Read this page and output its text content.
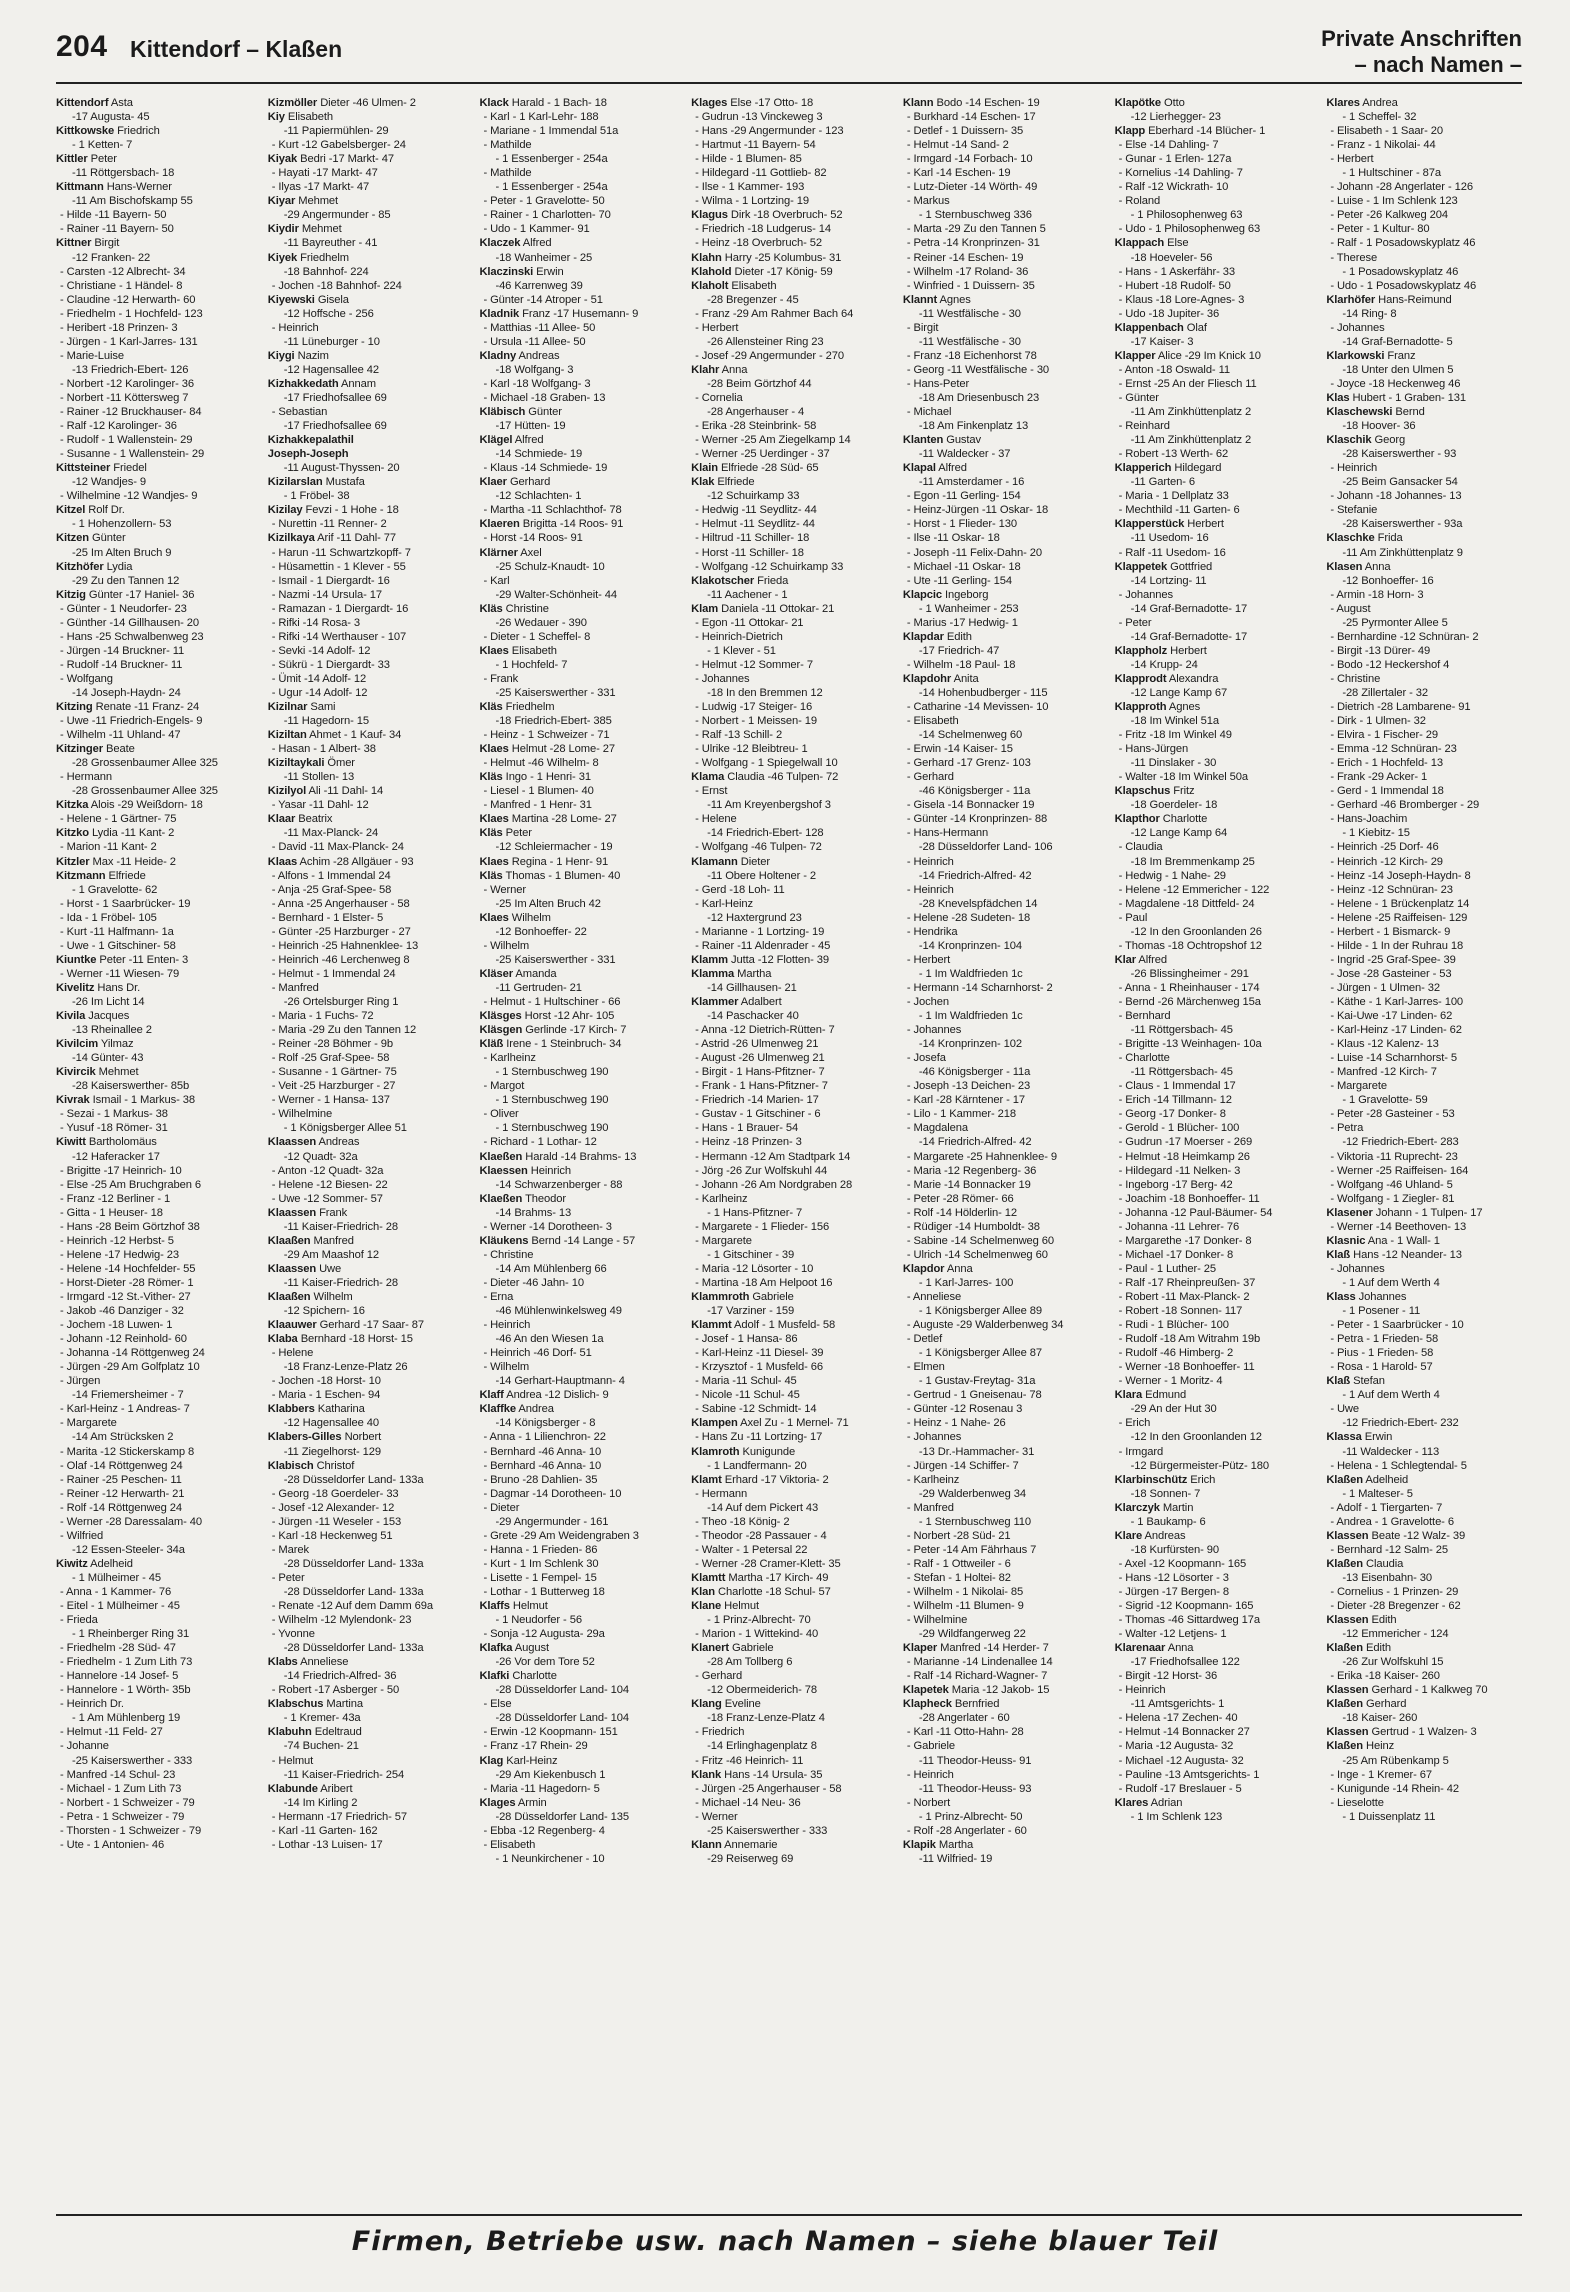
204 Kittendorf – Klaßen	Private Anschriften
– nach Namen –
Kittendorf Asta
-17 Augusta- 45
Kittkowske Friedrich
- 1 Ketten- 7
Kittler Peter
-11 Röttgersbach- 18
Kittmann Hans-Werner
-11 Am Bischofskamp 55
- Hilde -11 Bayern- 50
- Rainer -11 Bayern- 50
Kittner Birgit
-12 Franken- 22
- Carsten -12 Albrecht- 34
- Christiane - 1 Händel- 8
- Claudine -12 Herwarth- 60
- Friedhelm - 1 Hochfeld- 123
- Heribert -18 Prinzen- 3
- Jürgen - 1 Karl-Jarres- 131
- Marie-Luise
-13 Friedrich-Ebert- 126
- Norbert -12 Karolinger- 36
- Norbert -11 Köttersweg 7
- Rainer -12 Bruckhauser- 84
- Ralf -12 Karolinger- 36
- Rudolf - 1 Wallenstein- 29
- Susanne - 1 Wallenstein- 29
Kittsteiner Friedel
-12 Wandjes- 9
- Wilhelmine -12 Wandjes- 9
Kitzel Rolf Dr.
- 1 Hohenzollern- 53
Kitzen Günter
-25 Im Alten Bruch 9
Kitzhöfer Lydia
-29 Zu den Tannen 12
Kitzig Günter -17 Haniel- 36
- Günter - 1 Neudorfer- 23
- Günther -14 Gillhausen- 20
- Hans -25 Schwalbenweg 23
- Jürgen -14 Bruckner- 11
- Rudolf -14 Bruckner- 11
- Wolfgang
-14 Joseph-Haydn- 24
Kitzing Renate -11 Franz- 24
- Uwe -11 Friedrich-Engels- 9
- Wilhelm -11 Uhland- 47
Kitzinger Beate
-28 Grossenbaumer Allee 325
- Hermann
-28 Grossenbaumer Allee 325
Kitzka Alois -29 Weißdorn- 18
- Helene - 1 Gärtner- 75
Kitzko Lydia -11 Kant- 2
- Marion -11 Kant- 2
Kitzler Max -11 Heide- 2
Kitzmann Elfriede
- 1 Gravelotte- 62
- Horst - 1 Saarbrücker- 19
- Ida - 1 Fröbel- 105
- Kurt -11 Halfmann- 1a
- Uwe - 1 Gitschiner- 58
Kiuntke Peter -11 Enten- 3
- Werner -11 Wiesen- 79
Kivelitz Hans Dr.
-26 Im Licht 14
Kivila Jacques
-13 Rheinallee 2
Kivilcim Yilmaz
-14 Günter- 43
Kivircik Mehmet
-28 Kaiserswerther- 85b
Kivrak Ismail - 1 Markus- 38
- Sezai - 1 Markus- 38
- Yusuf -18 Römer- 31
Kiwitt Bartholomäus
-12 Haferacker 17
- Brigitte -17 Heinrich- 10
- Else -25 Am Bruchgraben 6
- Franz -12 Berliner - 1
- Gitta - 1 Heuser- 18
- Hans -28 Beim Görtzhof 38
- Heinrich -12 Herbst- 5
- Helene -17 Hedwig- 23
- Helene -14 Hochfelder- 55
- Horst-Dieter -28 Römer- 1
- Irmgard -12 St.-Vither- 27
- Jakob -46 Danziger - 32
- Jochem -18 Luwen- 1
- Johann -12 Reinhold- 60
- Johanna -14 Röttgenweg 24
- Jürgen -29 Am Golfplatz 10
- Jürgen
-14 Friemersheimer - 7
- Karl-Heinz - 1 Andreas- 7
- Margarete
-14 Am Strücksken 2
- Marita -12 Stickerskamp 8
- Olaf -14 Röttgenweg 24
- Rainer -25 Peschen- 11
- Reiner -12 Herwarth- 21
- Rolf -14 Röttgenweg 24
- Werner -28 Daressalam- 40
- Wilfried
-12 Essen-Steeler- 34a
Kiwitz Adelheid
- 1 Mülheimer - 45
- Anna - 1 Kammer- 76
- Eitel - 1 Mülheimer - 45
- Frieda
- 1 Rheinberger Ring 31
- Friedhelm -28 Süd- 47
- Friedhelm - 1 Zum Lith 73
- Hannelore -14 Josef- 5
- Hannelore - 1 Wörth- 35b
- Heinrich Dr.
- 1 Am Mühlenberg 19
- Helmut -11 Feld- 27
- Johanne
-25 Kaiserswerther - 333
- Manfred -14 Schul- 23
- Michael - 1 Zum Lith 73
- Norbert - 1 Schweizer - 79
- Petra - 1 Schweizer - 79
- Thorsten - 1 Schweizer - 79
- Ute - 1 Antonien- 46
Kizmöller Dieter -46 Ulmen- 2
Kiy Elisabeth
-11 Papiermühlen- 29
- Kurt -12 Gabelsberger- 24
Kiyak Bedri -17 Markt- 47
- Hayati -17 Markt- 47
- Ilyas -17 Markt- 47
Kiyar Mehmet
-29 Angermunder - 85
Kiydir Mehmet
-11 Bayreuther - 41
Kiyek Friedhelm
-18 Bahnhof- 224
- Jochen -18 Bahnhof- 224
Kiyewski Gisela
-12 Hoffsche - 256
- Heinrich
-11 Lüneburger - 10
Kiygi Nazim
-12 Hagensallee 42
Kizhakkedath Annam
-17 Friedhofsallee 69
- Sebastian
-17 Friedhofsallee 69
Kizhakkepalathil
Joseph-Joseph
-11 August-Thyssen- 20
Kizilarslan Mustafa
- 1 Fröbel- 38
Kizilay Fevzi - 1 Hohe - 18
- Nurettin -11 Renner- 2
Kizilkaya Arif -11 Dahl- 77
- Harun -11 Schwartzkopff- 7
- Hüsamettin - 1 Klever - 55
- Ismail - 1 Diergardt- 16
- Nazmi -14 Ursula- 17
- Ramazan - 1 Diergardt- 16
- Rifki -14 Rosa- 3
- Rifki -14 Werthauser - 107
- Sevki -14 Adolf- 12
- Sükrü - 1 Diergardt- 33
- Ümit -14 Adolf- 12
- Ugur -14 Adolf- 12
Kizilnar Sami
-11 Hagedorn- 15
Kiziltan Ahmet - 1 Kauf- 34
- Hasan - 1 Albert- 38
Kiziltaykali Ömer
-11 Stollen- 13
Kizilyol Ali -11 Dahl- 14
- Yasar -11 Dahl- 12
Klaar Beatrix
-11 Max-Planck- 24
- David -11 Max-Planck- 24
Klaas Achim -28 Allgäuer - 93
- Alfons - 1 Immendal 24
- Anja -25 Graf-Spee- 58
- Anna -25 Angerhauser - 58
- Bernhard - 1 Elster- 5
- Günter -25 Harzburger - 27
- Heinrich -25 Hahnenklee- 13
- Heinrich -46 Lerchenweg 8
- Helmut - 1 Immendal 24
- Manfred
-26 Ortelsburger Ring 1
- Maria - 1 Fuchs- 72
- Maria -29 Zu den Tannen 12
- Reiner -28 Böhmer - 9b
- Rolf -25 Graf-Spee- 58
- Susanne - 1 Gärtner- 75
- Veit -25 Harzburger - 27
- Werner - 1 Hansa- 137
- Wilhelmine
- 1 Königsberger Allee 51
Klaassen Andreas
-12 Quadt- 32a
- Anton -12 Quadt- 32a
- Helene -12 Biesen- 22
- Uwe -12 Sommer- 57
Klaassen Frank
-11 Kaiser-Friedrich- 28
Klaaßen Manfred
-29 Am Maashof 12
Klaassen Uwe
-11 Kaiser-Friedrich- 28
Klaaßen Wilhelm
-12 Spichern- 16
Klaauwer Gerhard -17 Saar- 87
Klaba Bernhard -18 Horst- 15
- Helene
-18 Franz-Lenze-Platz 26
- Jochen -18 Horst- 10
- Maria - 1 Eschen- 94
Klabbers Katharina
-12 Hagensallee 40
Klabers-Gilles Norbert
-11 Ziegelhorst- 129
Klabisch Christof
-28 Düsseldorfer Land- 133a
- Georg -18 Goerdeler- 33
- Josef -12 Alexander- 12
- Jürgen -11 Weseler - 153
- Karl -18 Heckenweg 51
- Marek
-28 Düsseldorfer Land- 133a
- Peter
-28 Düsseldorfer Land- 133a
- Renate -12 Auf dem Damm 69a
- Wilhelm -12 Mylendonk- 23
- Yvonne
-28 Düsseldorfer Land- 133a
Klabs Anneliese
-14 Friedrich-Alfred- 36
- Robert -17 Asberger - 50
Klabschus Martina
- 1 Kremer- 43a
Klabuhn Edeltraud
-74 Buchen- 21
- Helmut
-11 Kaiser-Friedrich- 254
Klabunde Aribert
-14 Im Kirling 2
- Hermann -17 Friedrich- 57
- Karl -11 Garten- 162
- Lothar -13 Luisen- 17
Klack Harald - 1 Bach- 18
- Karl - 1 Karl-Lehr- 188
- Mariane - 1 Immendal 51a
- Mathilde
- 1 Essenberger - 254a
- Mathilde
- 1 Essenberger - 254a
- Peter - 1 Gravelotte- 50
- Rainer - 1 Charlotten- 70
- Udo - 1 Kammer- 91
Klaczek Alfred
-18 Wanheimer - 25
Klaczinski Erwin
-46 Karrenweg 39
- Günter -14 Atroper - 51
Kladnik Franz -17 Husemann- 9
- Matthias -11 Allee- 50
- Ursula -11 Allee- 50
Kladny Andreas
-18 Wolfgang- 3
- Karl -18 Wolfgang- 3
- Michael -18 Graben- 13
Kläbisch Günter
-17 Hütten- 19
Klägel Alfred
-14 Schmiede- 19
- Klaus -14 Schmiede- 19
Klaer Gerhard
-12 Schlachten- 1
- Martha -11 Schlachthof- 78
Klaeren Brigitta -14 Roos- 91
- Horst -14 Roos- 91
Klärner Axel
-25 Schulz-Knaudt- 10
- Karl
-29 Walter-Schönheit- 44
Kläs Christine
-26 Wedauer - 390
- Dieter - 1 Scheffel- 8
Klaes Elisabeth
- 1 Hochfeld- 7
- Frank
-25 Kaiserswerther - 331
Kläs Friedhelm
-18 Friedrich-Ebert- 385
- Heinz - 1 Schweizer - 71
Klaes Helmut -28 Lome- 27
- Helmut -46 Wilhelm- 8
Kläs Ingo - 1 Henri- 31
- Liesel - 1 Blumen- 40
- Manfred - 1 Henr- 31
Klaes Martina -28 Lome- 27
Kläs Peter
-12 Schleiermacher - 19
Klaes Regina - 1 Henr- 91
Kläs Thomas - 1 Blumen- 40
- Werner
-25 Im Alten Bruch 42
Klaes Wilhelm
-12 Bonhoeffer- 22
- Wilhelm
-25 Kaiserswerther - 331
Kläser Amanda
-11 Gertruden- 21
- Helmut - 1 Hultschiner - 66
Kläsges Horst -12 Ahr- 105
Kläsgen Gerlinde -17 Kirch- 7
Kläß Irene - 1 Steinbruch- 34
- Karlheinz
- 1 Sternbuschweg 190
- Margot
- 1 Sternbuschweg 190
- Oliver
- 1 Sternbuschweg 190
- Richard - 1 Lothar- 12
Klaeßen Harald -14 Brahms- 13
Klaessen Heinrich
-14 Schwarzenberger - 88
Klaeßen Theodor
-14 Brahms- 13
- Werner -14 Dorotheen- 3
Kläukens Bernd -14 Lange - 57
- Christine
-14 Am Mühlenberg 66
- Dieter -46 Jahn- 10
- Erna
-46 Mühlenwinkelsweg 49
- Heinrich
-46 An den Wiesen 1a
- Heinrich -46 Dorf- 51
- Wilhelm
-14 Gerhart-Hauptmann- 4
Klaff Andrea -12 Dislich- 9
Klaffke Andrea
-14 Königsberger - 8
- Anna - 1 Lilienchron- 22
- Bernhard -46 Anna- 10
- Bernhard -46 Anna- 10
- Bruno -28 Dahlien- 35
- Dagmar -14 Dorotheen- 10
- Dieter
-29 Angermunder - 161
- Grete -29 Am Weidengraben 3
- Hanna - 1 Frieden- 86
- Kurt - 1 Im Schlenk 30
- Lisette - 1 Fempel- 15
- Lothar - 1 Butterweg 18
Klaffs Helmut
- 1 Neudorfer - 56
- Sonja -12 Augusta- 29a
Klafka August
-26 Vor dem Tore 52
Klafki Charlotte
-28 Düsseldorfer Land- 104
- Else
-28 Düsseldorfer Land- 104
- Erwin -12 Koopmann- 151
- Franz -17 Rhein- 29
Klag Karl-Heinz
-29 Am Kiekenbusch 1
- Maria -11 Hagedorn- 5
Klages Armin
-28 Düsseldorfer Land- 135
- Ebba -12 Regenberg- 4
- Elisabeth
- 1 Neunkirchener - 10
Klages Else -17 Otto- 18
- Gudrun -13 Vinckeweg 3
- Hans -29 Angermunder - 123
- Hartmut -11 Bayern- 54
- Hilde - 1 Blumen- 85
- Hildegard -11 Gottlieb- 82
- Ilse - 1 Kammer- 193
- Wilma - 1 Lortzing- 19
Klagus Dirk -18 Overbruch- 52
- Friedrich -18 Ludgerus- 14
- Heinz -18 Overbruch- 52
Klahn Harry -25 Kolumbus- 31
Klahold Dieter -17 König- 59
Klaholt Elisabeth
-28 Bregenzer - 45
- Franz -29 Am Rahmer Bach 64
- Herbert
-26 Allensteiner Ring 23
- Josef -29 Angermunder - 270
Klahr Anna
-28 Beim Görtzhof 44
- Cornelia
-28 Angerhauser - 4
- Erika -28 Steinbrink- 58
- Werner -25 Am Ziegelkamp 14
- Werner -25 Uerdinger - 37
Klain Elfriede -28 Süd- 65
Klak Elfriede
-12 Schuirkamp 33
- Hedwig -11 Seydlitz- 44
- Helmut -11 Seydlitz- 44
- Hiltrud -11 Schiller- 18
- Horst -11 Schiller- 18
- Wolfgang -12 Schuirkamp 33
Klakotscher Frieda
-11 Aachener - 1
Klam Daniela -11 Ottokar- 21
- Egon -11 Ottokar- 21
- Heinrich-Dietrich
- 1 Klever - 51
- Helmut -12 Sommer- 7
- Johannes
-18 In den Bremmen 12
- Ludwig -17 Steiger- 16
- Norbert - 1 Meissen- 19
- Ralf -13 Schill- 2
- Ulrike -12 Bleibtreu- 1
- Wolfgang - 1 Spiegelwall 10
Klama Claudia -46 Tulpen- 72
- Ernst
-11 Am Kreyenbergshof 3
- Helene
-14 Friedrich-Ebert- 128
- Wolfgang -46 Tulpen- 72
Klamann Dieter
-11 Obere Holtener - 2
- Gerd -18 Loh- 11
- Karl-Heinz
-12 Haxtergrund 23
- Marianne - 1 Lortzing- 19
- Rainer -11 Aldenrader - 45
Klamm Jutta -12 Flotten- 39
Klamma Martha
-14 Gillhausen- 21
Klammer Adalbert
-14 Paschacker 40
- Anna -12 Dietrich-Rütten- 7
- Astrid -26 Ulmenweg 21
- August -26 Ulmenweg 21
- Birgit - 1 Hans-Pfitzner- 7
- Frank - 1 Hans-Pfitzner- 7
- Friedrich -14 Marien- 17
- Gustav - 1 Gitschiner - 6
- Hans - 1 Brauer- 54
- Heinz -18 Prinzen- 3
- Hermann -12 Am Stadtpark 14
- Jörg -26 Zur Wolfskuhl 44
- Johann -26 Am Nordgraben 28
- Karlheinz
- 1 Hans-Pfitzner- 7
- Margarete - 1 Flieder- 156
- Margarete
- 1 Gitschiner - 39
- Maria -12 Lösorter - 10
- Martina -18 Am Helpoot 16
Klammroth Gabriele
-17 Varziner - 159
Klammt Adolf - 1 Musfeld- 58
- Josef - 1 Hansa- 86
- Karl-Heinz -11 Diesel- 39
- Krzysztof - 1 Musfeld- 66
- Maria -11 Schul- 45
- Nicole -11 Schul- 45
- Sabine -12 Schmidt- 14
Klampen Axel Zu - 1 Mernel- 71
- Hans Zu -11 Lortzing- 17
Klamroth Kunigunde
- 1 Landfermann- 20
Klamt Erhard -17 Viktoria- 2
- Hermann
-14 Auf dem Pickert 43
- Theo -18 König- 2
- Theodor -28 Passauer - 4
- Walter - 1 Petersal 22
- Werner -28 Cramer-Klett- 35
Klamtt Martha -17 Kirch- 49
Klan Charlotte -18 Schul- 57
Klane Helmut
- 1 Prinz-Albrecht- 70
- Marion - 1 Wittekind- 40
Klanert Gabriele
-28 Am Tollberg 6
- Gerhard
-12 Obermeiderich- 78
Klang Eveline
-18 Franz-Lenze-Platz 4
- Friedrich
-14 Erlinghagenplatz 8
- Fritz -46 Heinrich- 11
Klank Hans -14 Ursula- 35
- Jürgen -25 Angerhauser - 58
- Michael -14 Neu- 36
- Werner
-25 Kaiserswerther - 333
Klann Annemarie
-29 Reiserweg 69
Klann Bodo -14 Eschen- 19
- Burkhard -14 Eschen- 17
- Detlef - 1 Duissern- 35
- Helmut -14 Sand- 2
- Irmgard -14 Forbach- 10
- Karl -14 Eschen- 19
- Lutz-Dieter -14 Wörth- 49
- Markus
- 1 Sternbuschweg 336
- Marta -29 Zu den Tannen 5
- Petra -14 Kronprinzen- 31
- Reiner -14 Eschen- 19
- Wilhelm -17 Roland- 36
- Winfried - 1 Duissern- 35
Klannt Agnes
-11 Westfälische - 30
- Birgit
-11 Westfälische - 30
- Franz -18 Eichenhorst 78
- Georg -11 Westfälische - 30
- Hans-Peter
-18 Am Driesenbusch 23
- Michael
-18 Am Finkenplatz 13
Klanten Gustav
-11 Waldecker - 37
Klapal Alfred
-11 Amsterdamer - 16
- Egon -11 Gerling- 154
- Heinz-Jürgen -11 Oskar- 18
- Horst - 1 Flieder- 130
- Ilse -11 Oskar- 18
- Joseph -11 Felix-Dahn- 20
- Michael -11 Oskar- 18
- Ute -11 Gerling- 154
Klapcic Ingeborg
- 1 Wanheimer - 253
- Marius -17 Hedwig- 1
Klapdar Edith
-17 Friedrich- 47
- Wilhelm -18 Paul- 18
Klapdohr Anita
-14 Hohenbudberger - 115
- Catharine -14 Mevissen- 10
- Elisabeth
-14 Schelmenweg 60
- Erwin -14 Kaiser- 15
- Gerhard -17 Grenz- 103
- Gerhard
-46 Königsberger - 11a
- Gisela -14 Bonnacker 19
- Günter -14 Kronprinzen- 88
- Hans-Hermann
-28 Düsseldorfer Land- 106
- Heinrich
-14 Friedrich-Alfred- 42
- Heinrich
-28 Knevelspfädchen 14
- Helene -28 Sudeten- 18
- Hendrika
-14 Kronprinzen- 104
- Herbert
- 1 Im Waldfrieden 1c
- Hermann -14 Scharnhorst- 2
- Jochen
- 1 Im Waldfrieden 1c
- Johannes
-14 Kronprinzen- 102
- Josefa
-46 Königsberger - 11a
- Joseph -13 Deichen- 23
- Karl -28 Kärntener - 17
- Lilo - 1 Kammer- 218
- Magdalena
-14 Friedrich-Alfred- 42
- Margarete -25 Hahnenklee- 9
- Maria -12 Regenberg- 36
- Marie -14 Bonnacker 19
- Peter -28 Römer- 66
- Rolf -14 Hölderlin- 12
- Rüdiger -14 Humboldt- 38
- Sabine -14 Schelmenweg 60
- Ulrich -14 Schelmenweg 60
Klapdor Anna
- 1 Karl-Jarres- 100
- Anneliese
- 1 Königsberger Allee 89
- Auguste -29 Walderbenweg 34
- Detlef
- 1 Königsberger Allee 87
- Elmen
- 1 Gustav-Freytag- 31a
- Gertrud - 1 Gneisenau- 78
- Günter -12 Rosenau 3
- Heinz - 1 Nahe- 26
- Johannes
-13 Dr.-Hammacher- 31
- Jürgen -14 Schiffer- 7
- Karlheinz
-29 Walderbenweg 34
- Manfred
- 1 Sternbuschweg 110
- Norbert -28 Süd- 21
- Peter -14 Am Fährhaus 7
- Ralf - 1 Ottweiler - 6
- Stefan - 1 Holtei- 82
- Wilhelm - 1 Nikolai- 85
- Wilhelm -11 Blumen- 9
- Wilhelmine
-29 Wildfangerweg 22
Klaper Manfred -14 Herder- 7
- Marianne -14 Lindenallee 14
- Ralf -14 Richard-Wagner- 7
Klapetek Maria -12 Jakob- 15
Klapheck Bernfried
-28 Angerlater - 60
- Karl -11 Otto-Hahn- 28
- Gabriele
-11 Theodor-Heuss- 91
- Heinrich
-11 Theodor-Heuss- 93
- Norbert
- 1 Prinz-Albrecht- 50
- Rolf -28 Angerlater - 60
Klapik Martha
-11 Wilfried- 19
Klapötke Otto
-12 Lierhegger- 23
Klapp Eberhard -14 Blücher- 1
- Else -14 Dahling- 7
- Gunar - 1 Erlen- 127a
- Kornelius -14 Dahling- 7
- Ralf -12 Wickrath- 10
- Roland
- 1 Philosophenweg 63
- Udo - 1 Philosophenweg 63
Klappach Else
-18 Hoeveler- 56
- Hans - 1 Askerfähr- 33
- Hubert -18 Rudolf- 50
- Klaus -18 Lore-Agnes- 3
- Udo -18 Jupiter- 36
Klappenbach Olaf
-17 Kaiser- 3
Klapper Alice -29 Im Knick 10
- Anton -18 Oswald- 11
- Ernst -25 An der Fliesch 11
- Günter
-11 Am Zinkhüttenplatz 2
- Reinhard
-11 Am Zinkhüttenplatz 2
- Robert -13 Werth- 62
Klapperich Hildegard
-11 Garten- 6
- Maria - 1 Dellplatz 33
- Mechthild -11 Garten- 6
Klapperstück Herbert
-11 Usedom- 16
- Ralf -11 Usedom- 16
Klappetek Gottfried
-14 Lortzing- 11
- Johannes
-14 Graf-Bernadotte- 17
- Peter
-14 Graf-Bernadotte- 17
Klappholz Herbert
-14 Krupp- 24
Klapprodt Alexandra
-12 Lange Kamp 67
Klapproth Agnes
-18 Im Winkel 51a
- Fritz -18 Im Winkel 49
- Hans-Jürgen
-11 Dinslaker - 30
- Walter -18 Im Winkel 50a
Klapschus Fritz
-18 Goerdeler- 18
Klapthor Charlotte
-12 Lange Kamp 64
- Claudia
-18 Im Bremmenkamp 25
- Hedwig - 1 Nahe- 29
- Helene -12 Emmericher - 122
- Magdalene -18 Dittfeld- 24
- Paul
-12 In den Groonlanden 26
- Thomas -18 Ochtropshof 12
Klar Alfred
-26 Blissingheimer - 291
- Anna - 1 Rheinhauser - 174
- Bernd -26 Märchenweg 15a
- Bernhard
-11 Röttgersbach- 45
- Brigitte -13 Weinhagen- 10a
- Charlotte
-11 Röttgersbach- 45
- Claus - 1 Immendal 17
- Erich -14 Tillmann- 12
- Georg -17 Donker- 8
- Gerold - 1 Blücher- 100
- Gudrun -17 Moerser - 269
- Helmut -18 Heimkamp 26
- Hildegard -11 Nelken- 3
- Ingeborg -17 Berg- 42
- Joachim -18 Bonhoeffer- 11
- Johanna -12 Paul-Bäumer- 54
- Johanna -11 Lehrer- 76
- Margarethe -17 Donker- 8
- Michael -17 Donker- 8
- Paul - 1 Luther- 25
- Ralf -17 Rheinpreußen- 37
- Robert -11 Max-Planck- 2
- Robert -18 Sonnen- 117
- Rudi - 1 Blücher- 100
- Rudolf -18 Am Witrahm 19b
- Rudolf -46 Himberg- 2
- Werner -18 Bonhoeffer- 11
- Werner - 1 Moritz- 4
Klara Edmund
-29 An der Hut 30
- Erich
-12 In den Groonlanden 12
- Irmgard
-12 Bürgermeister-Pütz- 180
Klarbinschütz Erich
-18 Sonnen- 7
Klarczyk Martin
- 1 Baukamp- 6
Klare Andreas
-18 Kurfürsten- 90
- Axel -12 Koopmann- 165
- Hans -12 Lösorter - 3
- Jürgen -17 Bergen- 8
- Sigrid -12 Koopmann- 165
- Thomas -46 Sittardweg 17a
- Walter -12 Letjens- 1
Klarenaar Anna
-17 Friedhofsallee 122
- Birgit -12 Horst- 36
- Heinrich
-11 Amtsgerichts- 1
- Helena -17 Zechen- 40
- Helmut -14 Bonnacker 27
- Maria -12 Augusta- 32
- Michael -12 Augusta- 32
- Pauline -13 Amtsgerichts- 1
- Rudolf -17 Breslauer - 5
Klares Adrian
- 1 Im Schlenk 123
Klares Andrea
- 1 Scheffel- 32
- Elisabeth - 1 Saar- 20
- Franz - 1 Nikolai- 44
- Herbert
- 1 Hultschiner - 87a
- Johann -28 Angerlater - 126
- Luise - 1 Im Schlenk 123
- Peter -26 Kalkweg 204
- Peter - 1 Kultur- 80
- Ralf - 1 Posadowskyplatz 46
- Therese
- 1 Posadowskyplatz 46
- Udo - 1 Posadowskyplatz 46
Klarhöfer Hans-Reimund
-14 Ring- 8
- Johannes
-14 Graf-Bernadotte- 5
Klarkowski Franz
-18 Unter den Ulmen 5
- Joyce -18 Heckenweg 46
Klas Hubert - 1 Graben- 131
Klaschewski Bernd
-18 Hoover- 36
Klaschik Georg
-28 Kaiserswerther - 93
- Heinrich
-25 Beim Gansacker 54
- Johann -18 Johannes- 13
- Stefanie
-28 Kaiserswerther - 93a
Klaschke Frida
-11 Am Zinkhüttenplatz 9
Klasen Anna
-12 Bonhoeffer- 16
- Armin -18 Horn- 3
- August
-25 Pyrmonter Allee 5
- Bernhardine -12 Schnüran- 2
- Birgit -13 Dürer- 49
- Bodo -12 Heckershof 4
- Christine
-28 Zillertaler - 32
- Dietrich -28 Lambarene- 91
- Dirk - 1 Ulmen- 32
- Elvira - 1 Fischer- 29
- Emma -12 Schnüran- 23
- Erich - 1 Hochfeld- 13
- Frank -29 Acker- 1
- Gerd - 1 Immendal 18
- Gerhard -46 Bromberger - 29
- Hans-Joachim
- 1 Kiebitz- 15
- Heinrich -25 Dorf- 46
- Heinrich -12 Kirch- 29
- Heinz -14 Joseph-Haydn- 8
- Heinz -12 Schnüran- 23
- Helene - 1 Brückenplatz 14
- Helene -25 Raiffeisen- 129
- Herbert - 1 Bismarck- 9
- Hilde - 1 In der Ruhrau 18
- Ingrid -25 Graf-Spee- 39
- Jose -28 Gasteiner - 53
- Jürgen - 1 Ulmen- 32
- Käthe - 1 Karl-Jarres- 100
- Kai-Uwe -17 Linden- 62
- Karl-Heinz -17 Linden- 62
- Klaus -12 Kalenz- 13
- Luise -14 Scharnhorst- 5
- Manfred -12 Kirch- 7
- Margarete
- 1 Gravelotte- 59
- Peter -28 Gasteiner - 53
- Petra
-12 Friedrich-Ebert- 283
- Viktoria -11 Ruprecht- 23
- Werner -25 Raiffeisen- 164
- Wolfgang -46 Uhland- 5
- Wolfgang - 1 Ziegler- 81
Klasener Johann - 1 Tulpen- 17
- Werner -14 Beethoven- 13
Klasnic Ana - 1 Wall- 1
Klaß Hans -12 Neander- 13
- Johannes
- 1 Auf dem Werth 4
Klass Johannes
- 1 Posener - 11
- Peter - 1 Saarbrücker - 10
- Petra - 1 Frieden- 58
- Pius - 1 Frieden- 58
- Rosa - 1 Harold- 57
Klaß Stefan
- 1 Auf dem Werth 4
- Uwe
-12 Friedrich-Ebert- 232
Klassa Erwin
-11 Waldecker - 113
- Helena - 1 Schlegtendal- 5
Klaßen Adelheid
- 1 Malteser- 5
- Adolf - 1 Tiergarten- 7
- Andrea - 1 Gravelotte- 6
Klassen Beate -12 Walz- 39
- Bernhard -12 Salm- 25
Klaßen Claudia
-13 Eisenbahn- 30
- Cornelius - 1 Prinzen- 29
- Dieter -28 Bregenzer - 62
Klassen Edith
-12 Emmericher - 124
Klaßen Edith
-26 Zur Wolfskuhl 15
- Erika -18 Kaiser- 260
Klassen Gerhard - 1 Kalkweg 70
Klaßen Gerhard
-18 Kaiser- 260
Klassen Gertrud - 1 Walzen- 3
Klaßen Heinz
-25 Am Rübenkamp 5
- Inge - 1 Kremer- 67
- Kunigunde -14 Rhein- 42
- Lieselotte
- 1 Duissenplatz 11
Firmen, Betriebe usw. nach Namen – siehe blauer Teil
